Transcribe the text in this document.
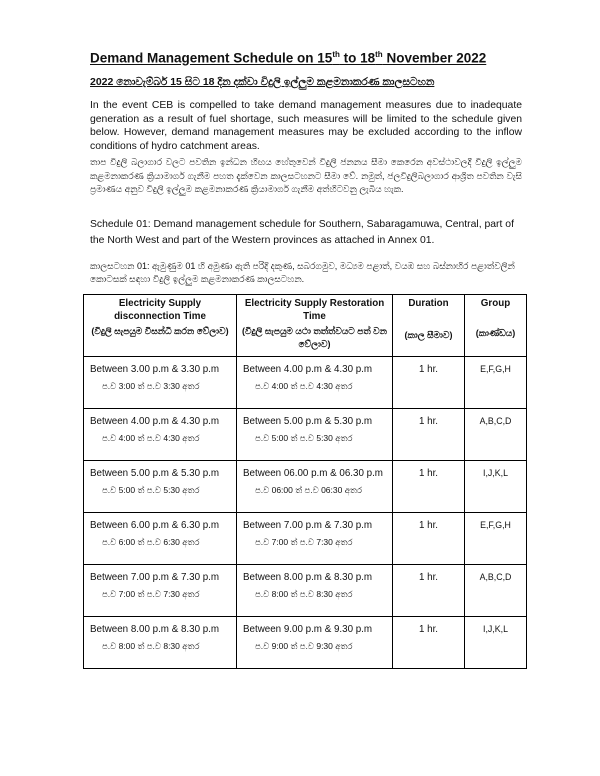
Demand Management Schedule on 15th to 18th November 2022
2022 නොවැම්බර් 15 සිට 18 දින දක්වා විදුලි ඉල්ලුම කළමනාකරණ කාලසටහන
In the event CEB is compelled to take demand management measures due to inadequate generation as a result of fuel shortage, such measures will be limited to the schedule given below. However, demand management measures may be excluded according to the inflow conditions of hydro catchment areas.
තාප විදුලි බලාගාර වලට පවතින ඉන්ධන හිඟය හේතුවෙන් විදුලි ජනනය සීමා කෙරෙන අවස්ථාවලදී විදුලි ඉල්ලුම කළමනාකරණ ක්‍රියාමාර්ග ගැනීම පහත දැක්වෙන කාලසටහනට සීමා වේ. නමුත්, ජලවිදුලිබලාගාර ආශ්‍රිත පවතින වැසි ප්‍රමාණය අනුව විදුලි ඉල්ලුම කළමනාකරණ ක්‍රියාමාර්ග ගැනීම අත්හිටවනු ලැබිය හැක.
Schedule 01: Demand management schedule for Southern, Sabaragamuwa, Central, part of the North West and part of the Western provinces as attached in Annex 01.
කාලසටහන 01: ඇමුණුම 01 හි අමුණා ඇති පරිදි දකුණ, සබරගමුව, මධ්‍යම පළාත්, වයඹ සහ බස්නාහිර පළාත්වලින් කොටසක් සඳහා විදුලි ඉල්ලුම කළමනාකරණ කාලසටහන.
Electricity Supply disconnection Time
(විදුලි සැපයුම විසන්ධි කරන වේලාව)	Electricity Supply Restoration Time
(විදුලි සැපයුම යථා තත්ත්වයට පත් වන වේලාව)	Duration
(කාල සීමාව)	Group
(කාණ්ඩය)

Between 3.00 p.m & 3.30 p.m
ප.ව 3:00 ත් ප.ව 3:30 අතර	Between 4.00 p.m & 4.30 p.m
ප.ව 4:00 ත් ප.ව 4:30 අතර	1 hr.	E,F,G,H

Between 4.00 p.m & 4.30 p.m
ප.ව 4:00 ත් ප.ව 4:30 අතර	Between 5.00 p.m & 5.30 p.m
ප.ව 5:00 ත් ප.ව 5:30 අතර	1 hr.	A,B,C,D

Between 5.00 p.m & 5.30 p.m
ප.ව 5:00 ත් ප.ව 5:30 අතර	Between 06.00 p.m & 06.30 p.m
ප.ව 06:00 ත් ප.ව 06:30 අතර	1 hr.	I,J,K,L

Between 6.00 p.m & 6.30 p.m
ප.ව 6:00 ත් ප.ව 6:30 අතර	Between 7.00 p.m & 7.30 p.m
ප.ව 7:00 ත් ප.ව 7:30 අතර	1 hr.	E,F,G,H

Between 7.00 p.m & 7.30 p.m
ප.ව 7:00 ත් ප.ව 7:30 අතර	Between 8.00 p.m & 8.30 p.m
ප.ව 8:00 ත් ප.ව 8:30 අතර	1 hr.	A,B,C,D

Between 8.00 p.m & 8.30 p.m
ප.ව 8:00 ත් ප.ව 8:30 අතර	Between 9.00 p.m & 9.30 p.m
ප.ව 9:00 ත් ප.ව 9:30 අතර	1 hr.	I,J,K,L
